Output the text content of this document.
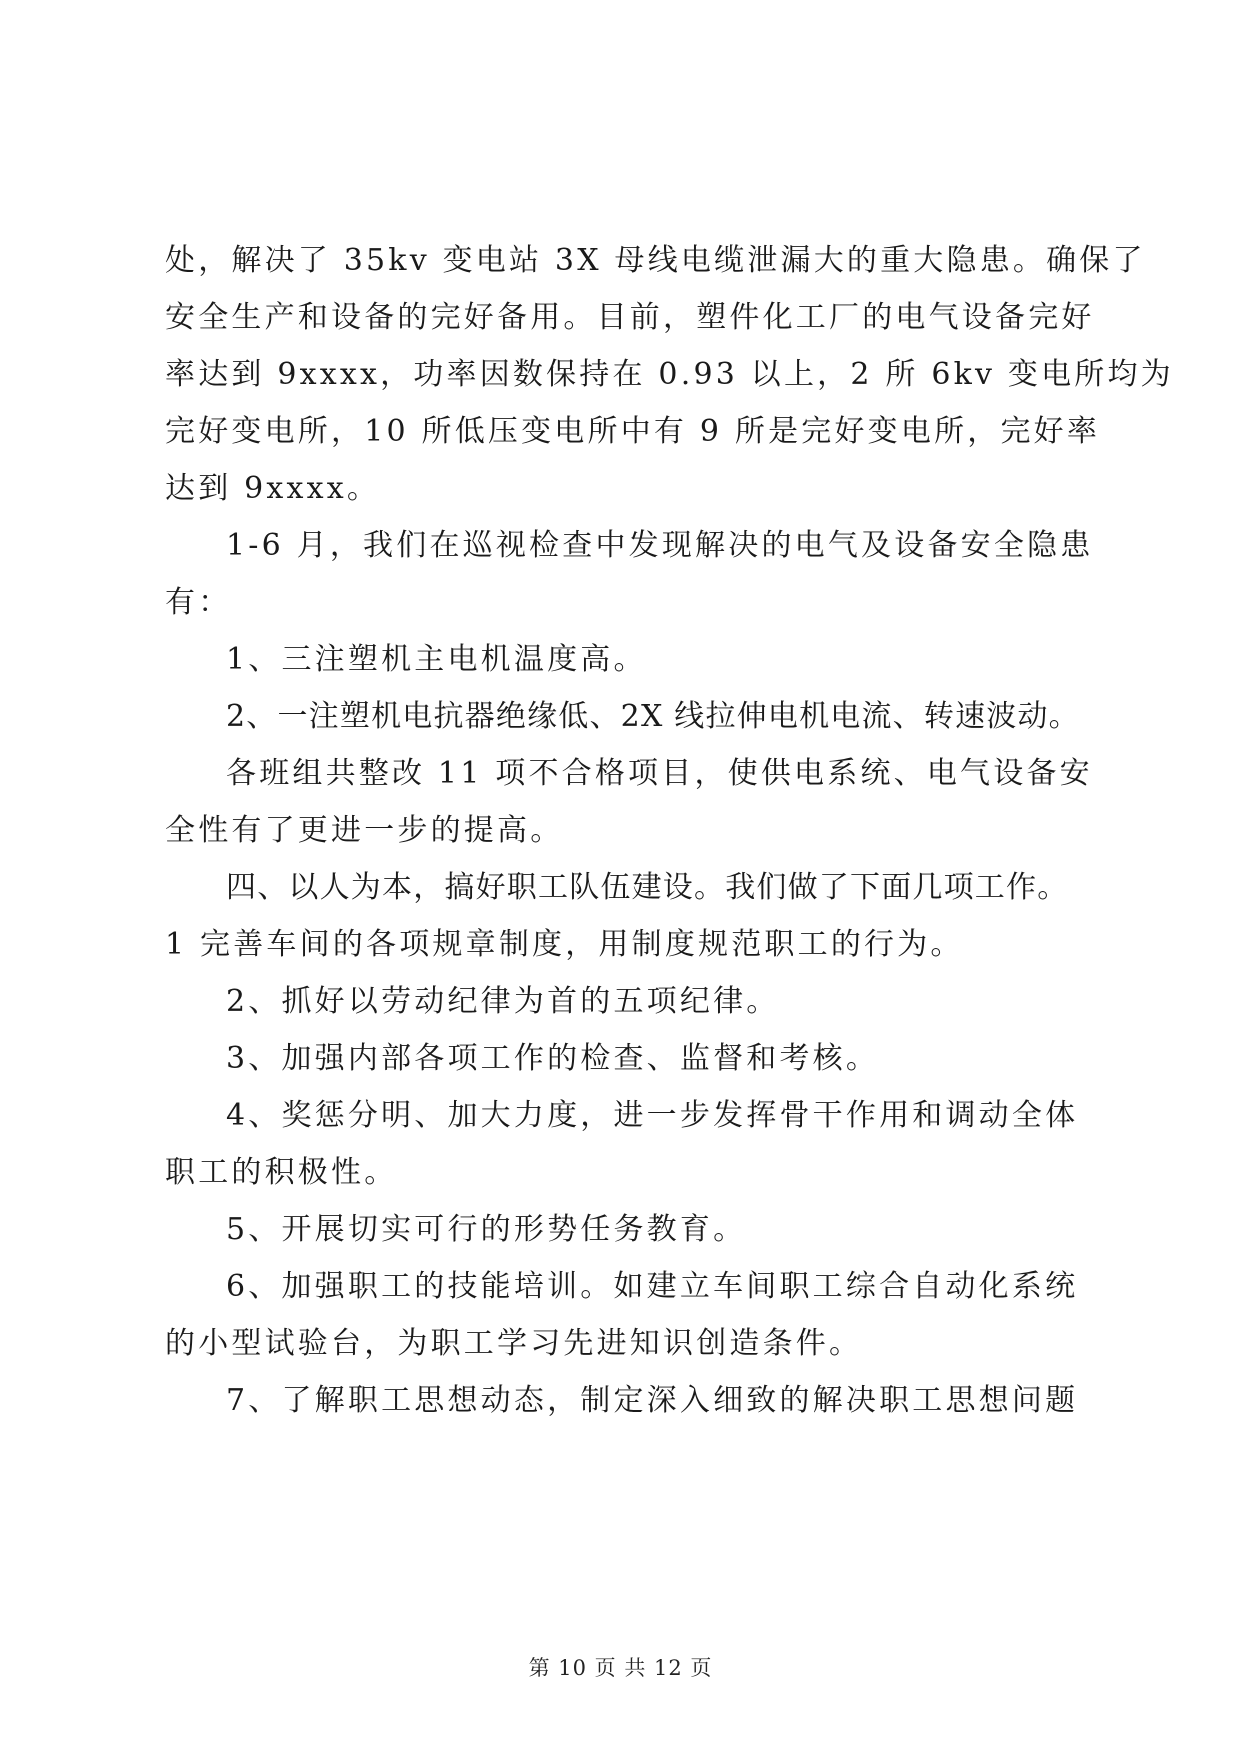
处，解决了 35kv 变电站 3X 母线电缆泄漏大的重大隐患。确保了
安全生产和设备的完好备用。目前，塑件化工厂的电气设备完好
率达到 9xxxx，功率因数保持在 0.93 以上，2 所 6kv 变电所均为
完好变电所，10 所低压变电所中有 9 所是完好变电所，完好率
达到 9xxxx。
1-6 月，我们在巡视检查中发现解决的电气及设备安全隐患
有：
1、三注塑机主电机温度高。
2、一注塑机电抗器绝缘低、2X 线拉伸电机电流、转速波动。
各班组共整改 11 项不合格项目，使供电系统、电气设备安
全性有了更进一步的提高。
四、以人为本，搞好职工队伍建设。我们做了下面几项工作。
1 完善车间的各项规章制度，用制度规范职工的行为。
2、抓好以劳动纪律为首的五项纪律。
3、加强内部各项工作的检查、监督和考核。
4、奖惩分明、加大力度，进一步发挥骨干作用和调动全体
职工的积极性。
5、开展切实可行的形势任务教育。
6、加强职工的技能培训。如建立车间职工综合自动化系统
的小型试验台，为职工学习先进知识创造条件。
7、了解职工思想动态，制定深入细致的解决职工思想问题
第 10 页 共 12 页
